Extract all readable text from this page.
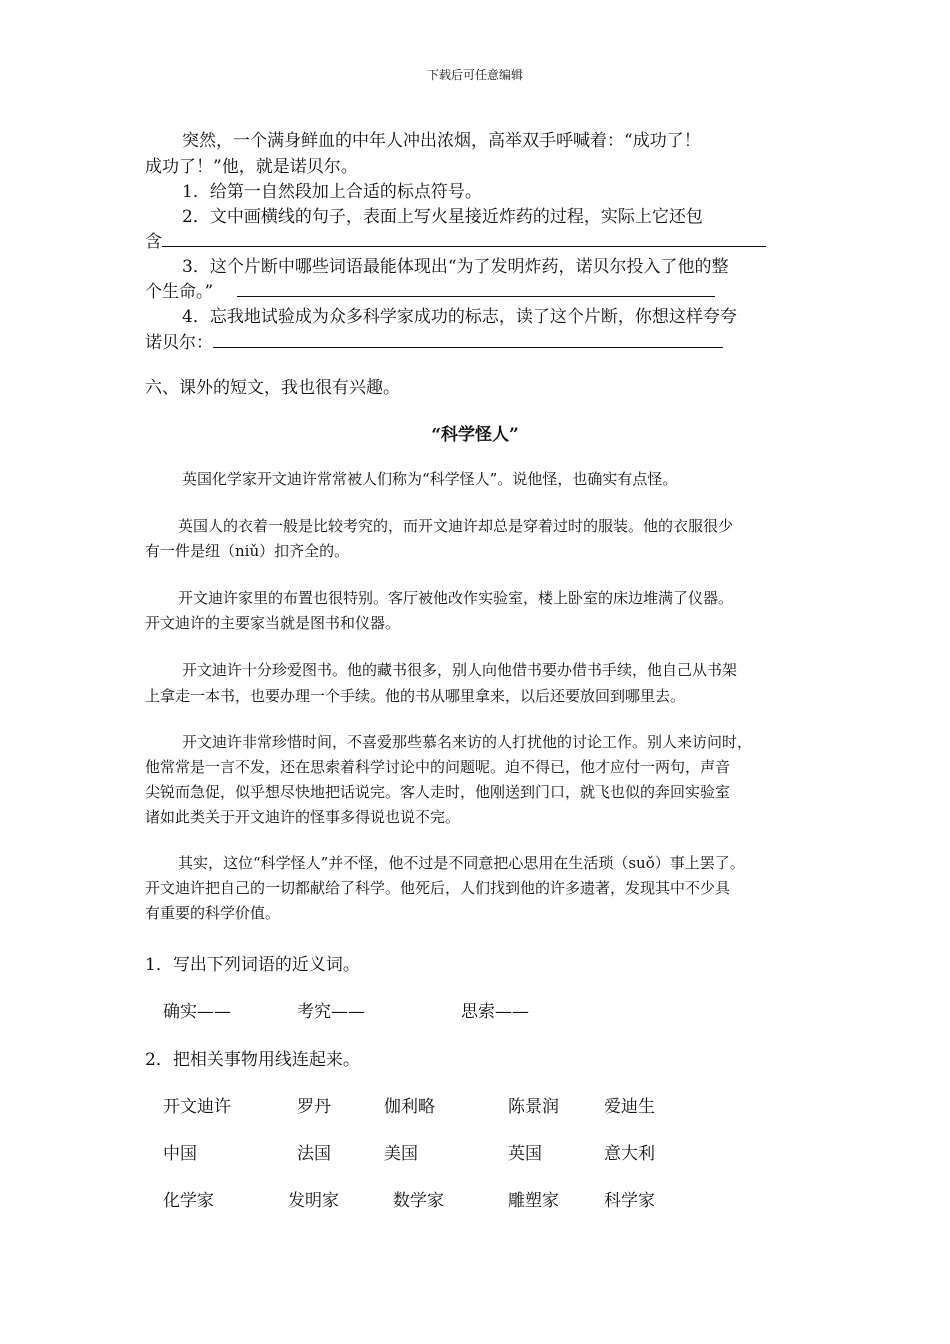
下载后可任意编辑
突然，一个满身鲜血的中年人冲出浓烟，高举双手呼喊着：“成功了！
成功了！”他，就是诺贝尔。
1．给第一自然段加上合适的标点符号。
2．文中画横线的句子，表面上写火星接近炸药的过程，实际上它还包
含
3．这个片断中哪些词语最能体现出“为了发明炸药，诺贝尔投入了他的整
个生命。”
4．忘我地试验成为众多科学家成功的标志，读了这个片断，你想这样夸夸
诺贝尔：
六、课外的短文，我也很有兴趣。
“科学怪人”
英国化学家开文迪许常常被人们称为“科学怪人”。说他怪，也确实有点怪。
英国人的衣着一般是比较考究的，而开文迪许却总是穿着过时的服装。他的衣服很少
有一件是纽（niǔ）扣齐全的。
开文迪许家里的布置也很特别。客厅被他改作实验室，楼上卧室的床边堆满了仪器。
开文迪许的主要家当就是图书和仪器。
开文迪许十分珍爱图书。他的藏书很多，别人向他借书要办借书手续，他自己从书架
上拿走一本书，也要办理一个手续。他的书从哪里拿来，以后还要放回到哪里去。
开文迪许非常珍惜时间，不喜爱那些慕名来访的人打扰他的讨论工作。别人来访问时，
他常常是一言不发，还在思索着科学讨论中的问题呢。迫不得已，他才应付一两句，声音
尖锐而急促，似乎想尽快地把话说完。客人走时，他刚送到门口，就飞也似的奔回实验室
诸如此类关于开文迪许的怪事多得说也说不完。
其实，这位“科学怪人”并不怪，他不过是不同意把心思用在生活琐（suǒ）事上罢了。
开文迪许把自己的一切都献给了科学。他死后，人们找到他的许多遗著，发现其中不少具
有重要的科学价值。
1．写出下列词语的近义词。
确实——	考究——	思索——
2．把相关事物用线连起来。
开文迪许	罗丹	伽利略	陈景润	爱迪生
中国	法国	美国	英国	意大利
化学家	发明家	数学家	雕塑家	科学家
